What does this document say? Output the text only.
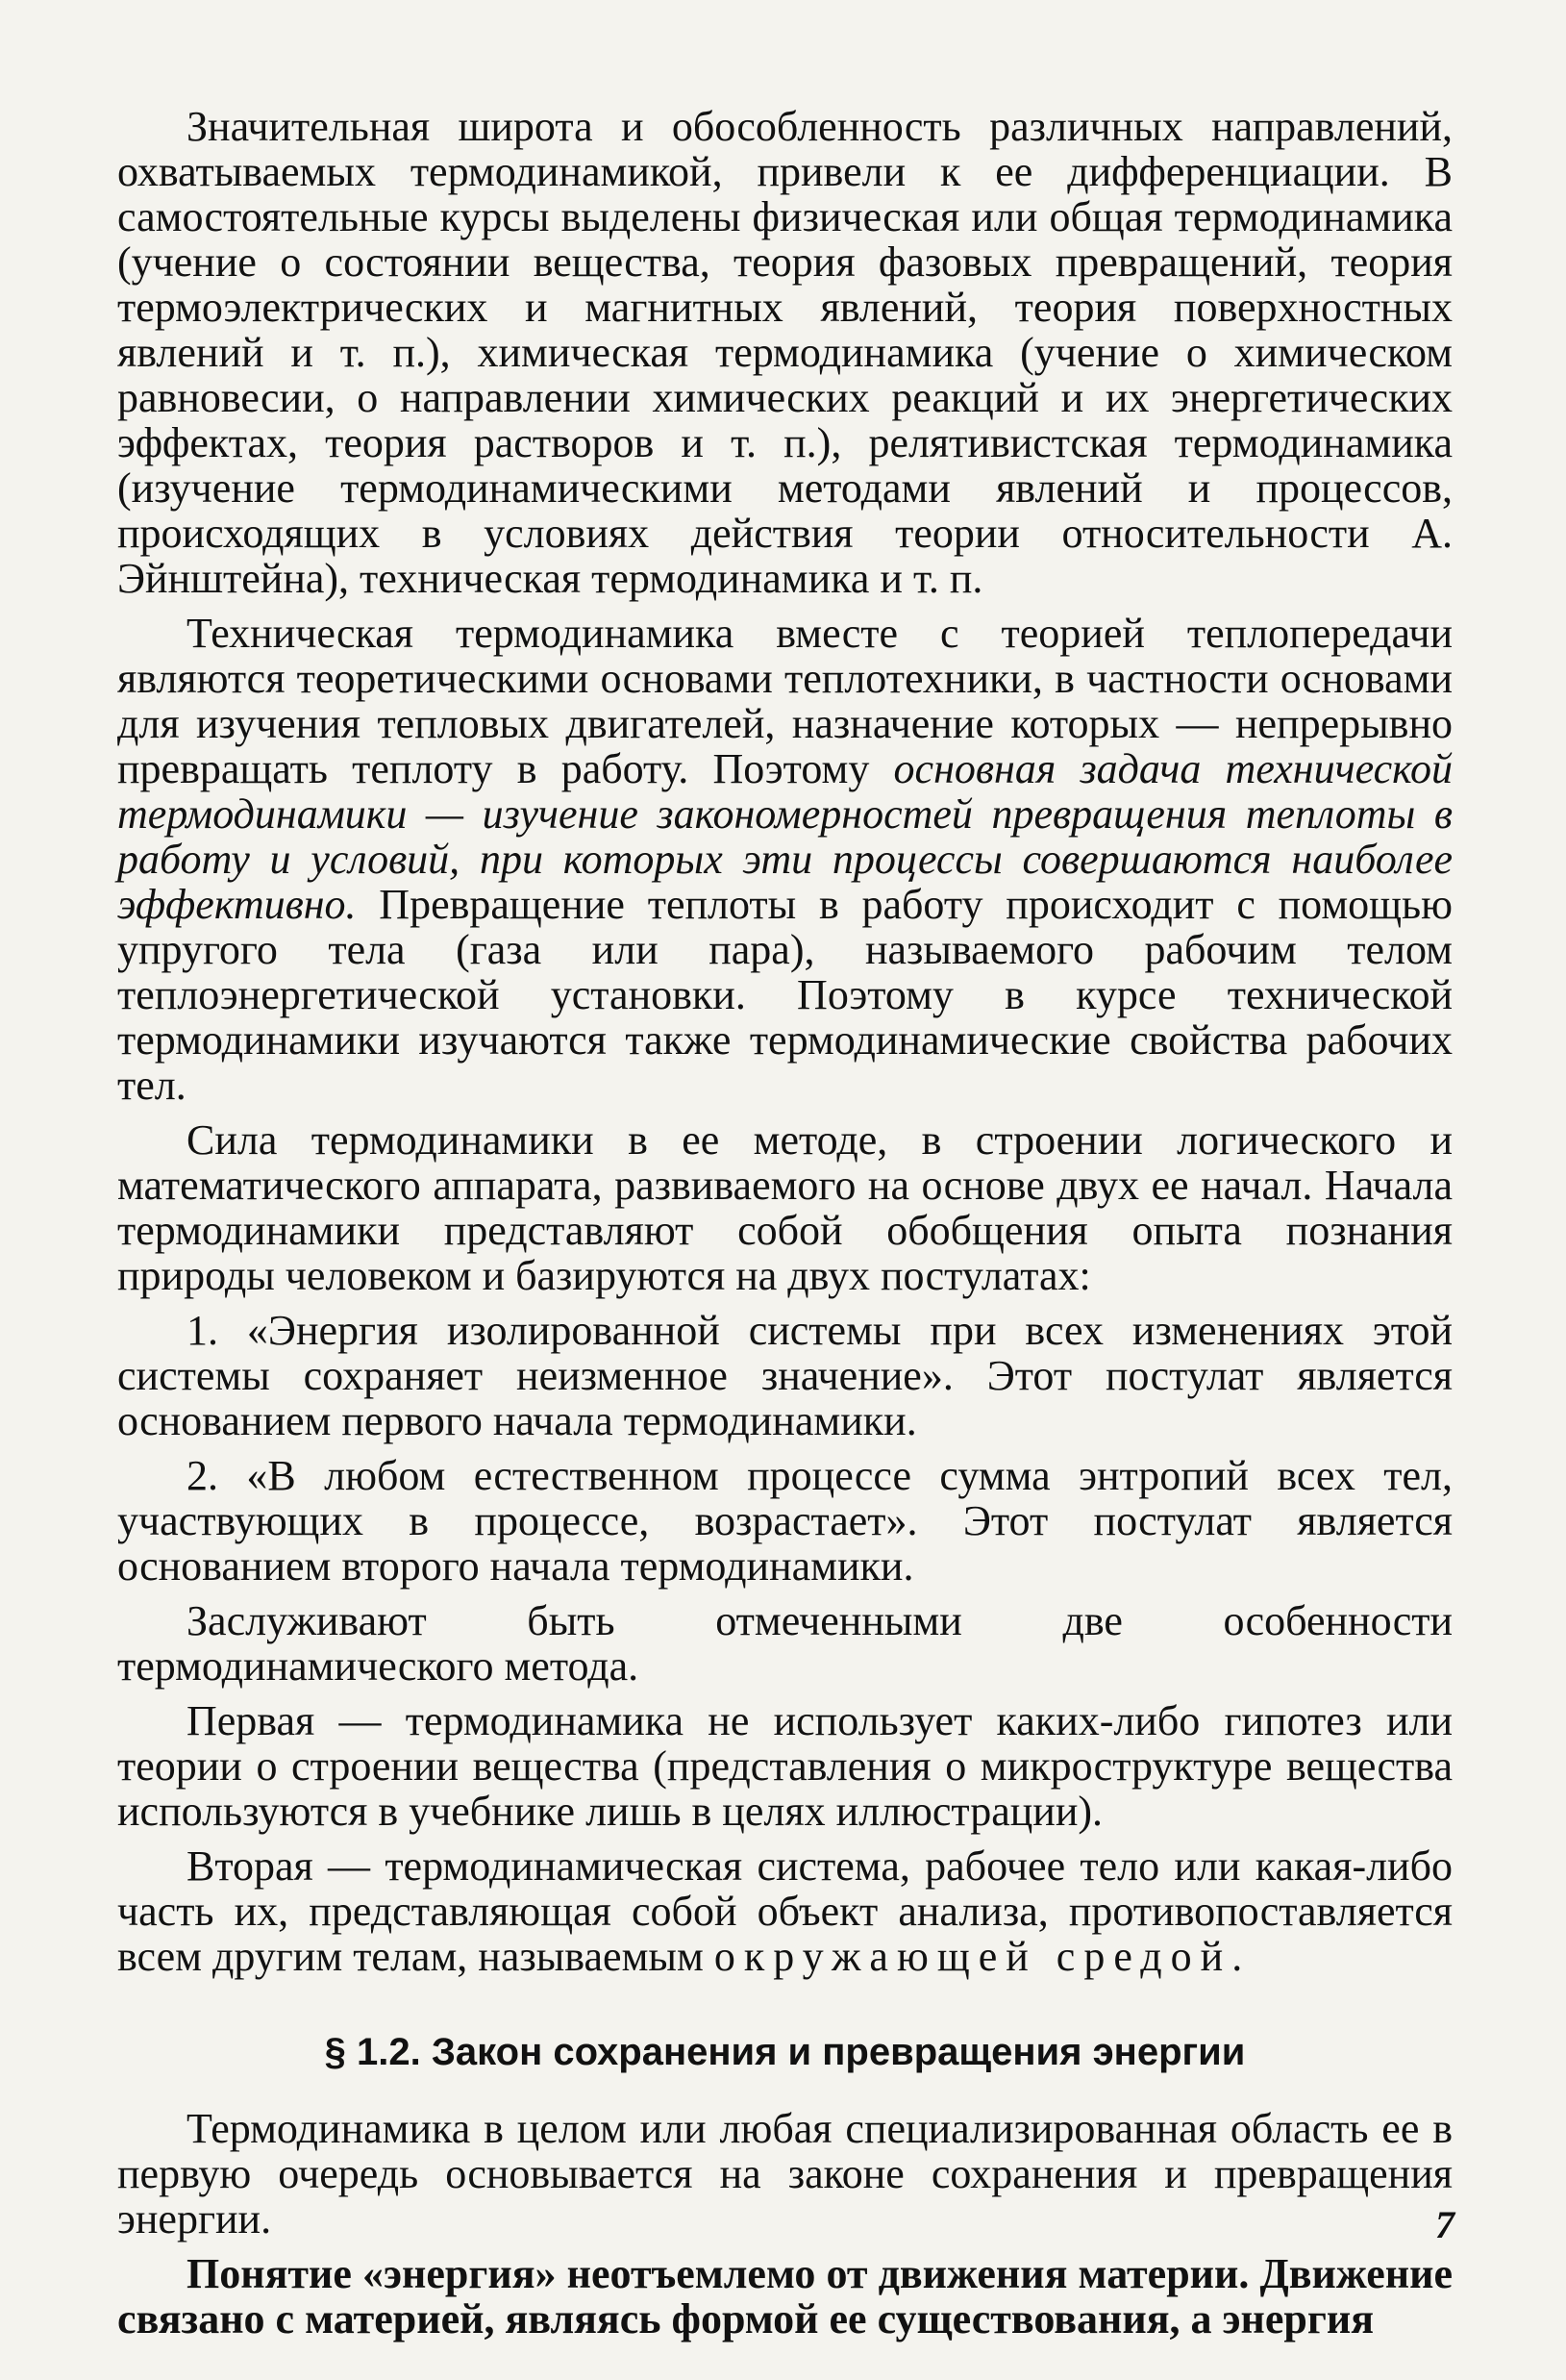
Значительная широта и обособленность различных направлений, охватываемых термодинамикой, привели к ее дифференциации. В самостоятельные курсы выделены физическая или общая термодинамика (учение о состоянии вещества, теория фазовых превращений, теория термоэлектрических и магнитных явлений, теория поверхностных явлений и т. п.), химическая термодинамика (учение о химическом равновесии, о направлении химических реакций и их энергетических эффектах, теория растворов и т. п.), релятивистская термодинамика (изучение термодинамическими методами явлений и процессов, происходящих в условиях действия теории относительности А. Эйнштейна), техническая термодинамика и т. п.

Техническая термодинамика вместе с теорией теплопередачи являются теоретическими основами теплотехники, в частности основами для изучения тепловых двигателей, назначение которых — непрерывно превращать теплоту в работу. Поэтому основная задача технической термодинамики — изучение закономерностей превращения теплоты в работу и условий, при которых эти процессы совершаются наиболее эффективно. Превращение теплоты в работу происходит с помощью упругого тела (газа или пара), называемого рабочим телом теплоэнергетической установки. Поэтому в курсе технической термодинамики изучаются также термодинамические свойства рабочих тел.

Сила термодинамики в ее методе, в строении логического и математического аппарата, развиваемого на основе двух ее начал. Начала термодинамики представляют собой обобщения опыта познания природы человеком и базируются на двух постулатах:

1. «Энергия изолированной системы при всех изменениях этой системы сохраняет неизменное значение». Этот постулат является основанием первого начала термодинамики.

2. «В любом естественном процессе сумма энтропий всех тел, участвующих в процессе, возрастает». Этот постулат является основанием второго начала термодинамики.

Заслуживают быть отмеченными две особенности термодинамического метода.

Первая — термодинамика не использует каких-либо гипотез или теории о строении вещества (представления о микроструктуре вещества используются в учебнике лишь в целях иллюстрации).

Вторая — термодинамическая система, рабочее тело или какая-либо часть их, представляющая собой объект анализа, противопоставляется всем другим телам, называемым окружающей средой.

§ 1.2. Закон сохранения и превращения энергии

Термодинамика в целом или любая специализированная область ее в первую очередь основывается на законе сохранения и превращения энергии.

Понятие «энергия» неотъемлемо от движения материи. Движение связано с материей, являясь формой ее существования, а энергия

7
